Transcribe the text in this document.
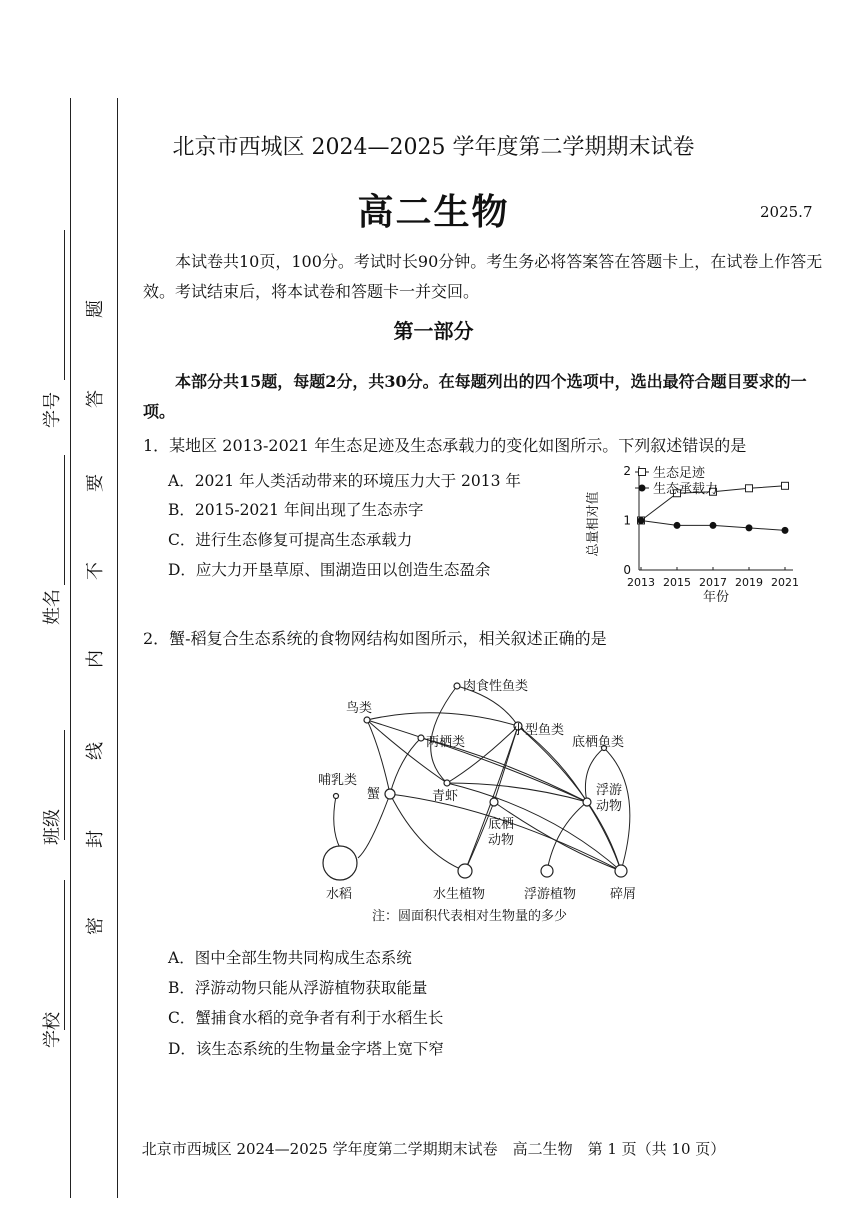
学号
姓名
班级
学校
题
答
要
不
内
线
封
密
北京市西城区 2024—2025 学年度第二学期期末试卷
高二生物	2025.7
本试卷共10页，100分。考试时长90分钟。考生务必将答案答在答题卡上，在试卷上作答无效。考试结束后，将本试卷和答题卡一并交回。
第一部分
本部分共15题，每题2分，共30分。在每题列出的四个选项中，选出最符合题目要求的一项。
1．某地区 2013-2021 年生态足迹及生态承载力的变化如图所示。下列叙述错误的是
A．2021 年人类活动带来的环境压力大于 2013 年
B．2015-2021 年间出现了生态赤字
C．进行生态修复可提高生态承载力
D．应大力开垦草原、围湖造田以创造生态盈余	0
1
2
2013 2015 2017 2019 2021
年份
总量相对值
生态足迹
生态承载力
2．蟹-稻复合生态系统的食物网结构如图所示，相关叙述正确的是
肉食性鱼类
鸟类
两栖类
小型鱼类
底栖鱼类
哺乳类
蟹	青虾
底栖
动物
浮游
动物
水稻	水生植物	浮游植物	碎屑
注：圆面积代表相对生物量的多少
A．图中全部生物共同构成生态系统
B．浮游动物只能从浮游植物获取能量
C．蟹捕食水稻的竞争者有利于水稻生长
D．该生态系统的生物量金字塔上宽下窄
北京市西城区 2024—2025 学年度第二学期期末试卷　高二生物　第 1 页（共 10 页）
